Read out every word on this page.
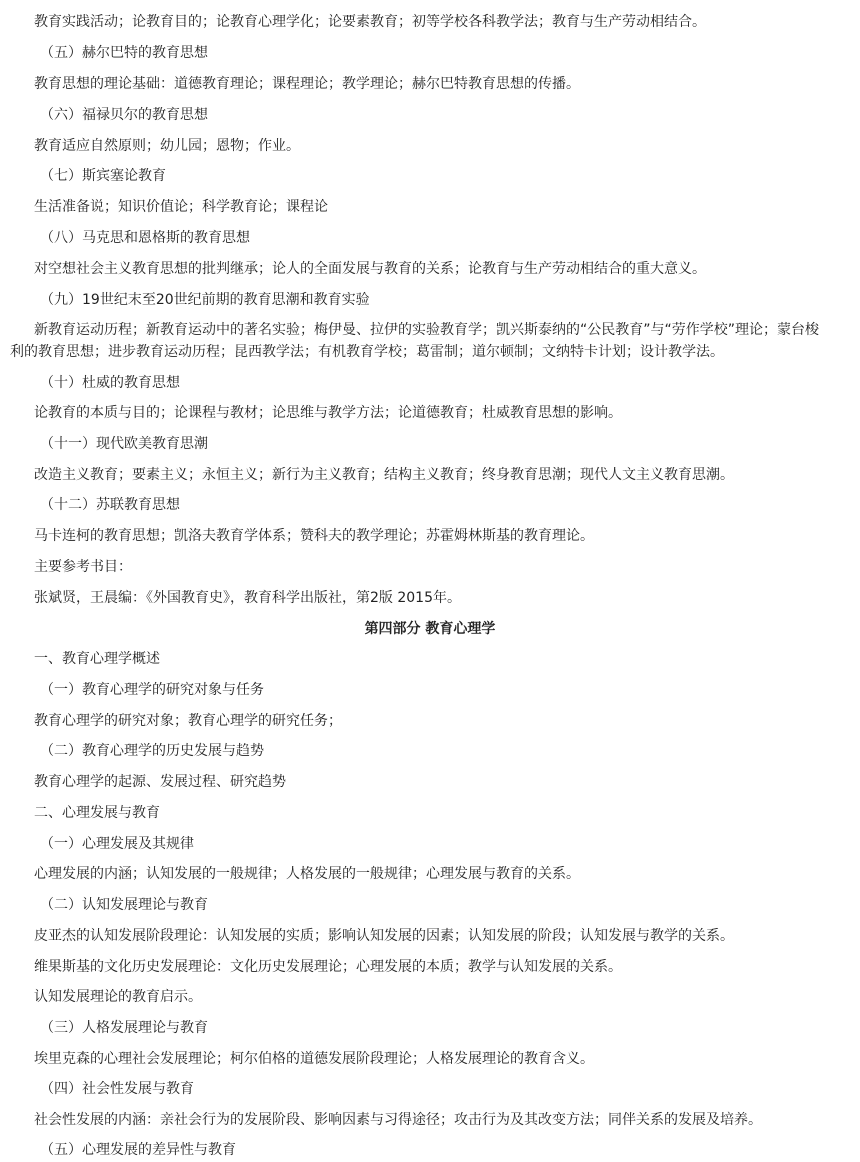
教育实践活动；论教育目的；论教育心理学化；论要素教育；初等学校各科教学法；教育与生产劳动相结合。
（五）赫尔巴特的教育思想
教育思想的理论基础：道德教育理论；课程理论；教学理论；赫尔巴特教育思想的传播。
（六）福禄贝尔的教育思想
教育适应自然原则；幼儿园；恩物；作业。
（七）斯宾塞论教育
生活准备说；知识价值论；科学教育论；课程论
（八）马克思和恩格斯的教育思想
对空想社会主义教育思想的批判继承；论人的全面发展与教育的关系；论教育与生产劳动相结合的重大意义。
（九）19世纪末至20世纪前期的教育思潮和教育实验
新教育运动历程；新教育运动中的著名实验；梅伊曼、拉伊的实验教育学；凯兴斯泰纳的“公民教育”与“劳作学校”理论；蒙台梭利的教育思想；进步教育运动历程；昆西教学法；有机教育学校；葛雷制；道尔顿制；文纳特卡计划；设计教学法。
（十）杜威的教育思想
论教育的本质与目的；论课程与教材；论思维与教学方法；论道德教育；杜威教育思想的影响。
（十一）现代欧美教育思潮
改造主义教育；要素主义；永恒主义；新行为主义教育；结构主义教育；终身教育思潮；现代人文主义教育思潮。
（十二）苏联教育思想
马卡连柯的教育思想；凯洛夫教育学体系；赞科夫的教学理论；苏霍姆林斯基的教育理论。
主要参考书目：
张斌贤，王晨编：《外国教育史》，教育科学出版社，第2版 2015年。
第四部分 教育心理学
一、教育心理学概述
（一）教育心理学的研究对象与任务
教育心理学的研究对象；教育心理学的研究任务；
（二）教育心理学的历史发展与趋势
教育心理学的起源、发展过程、研究趋势
二、心理发展与教育
（一）心理发展及其规律
心理发展的内涵；认知发展的一般规律；人格发展的一般规律；心理发展与教育的关系。
（二）认知发展理论与教育
皮亚杰的认知发展阶段理论：认知发展的实质；影响认知发展的因素；认知发展的阶段；认知发展与教学的关系。
维果斯基的文化历史发展理论：文化历史发展理论；心理发展的本质；教学与认知发展的关系。
认知发展理论的教育启示。
（三）人格发展理论与教育
埃里克森的心理社会发展理论；柯尔伯格的道德发展阶段理论；人格发展理论的教育含义。
（四）社会性发展与教育
社会性发展的内涵：亲社会行为的发展阶段、影响因素与习得途径；攻击行为及其改变方法；同伴关系的发展及培养。
（五）心理发展的差异性与教育
